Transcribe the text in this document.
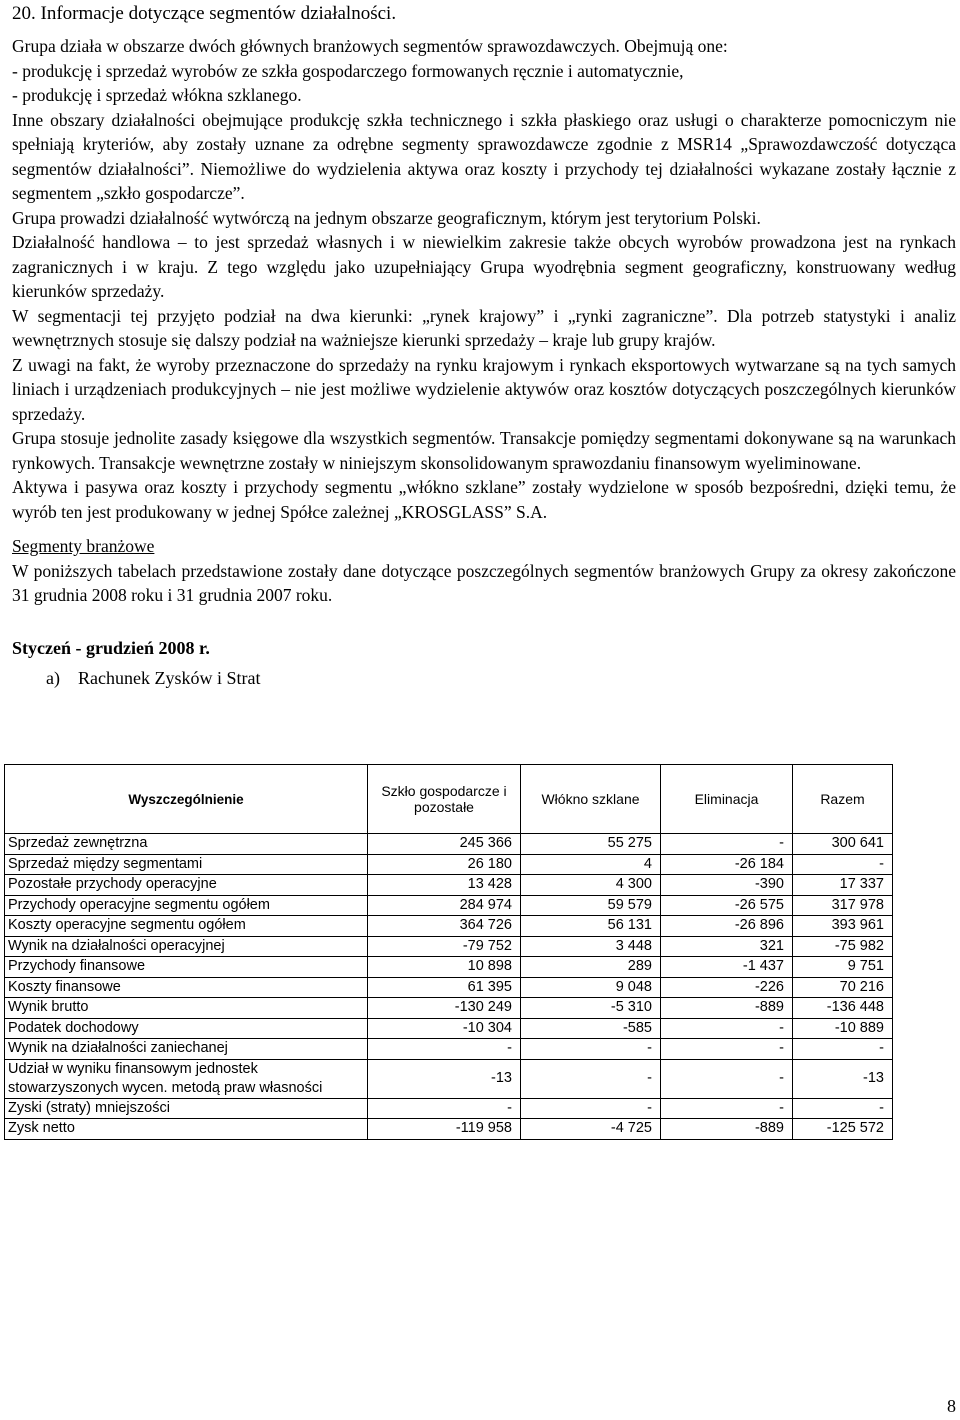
20. Informacje dotyczące segmentów działalności.

Grupa działa w obszarze dwóch głównych branżowych segmentów sprawozdawczych. Obejmują one:

- produkcję i sprzedaż wyrobów ze szkła gospodarczego formowanych ręcznie i automatycznie,

- produkcję i sprzedaż włókna szklanego.

Inne obszary działalności obejmujące produkcję szkła technicznego i szkła płaskiego oraz usługi o charakterze pomocniczym nie spełniają kryteriów, aby zostały uznane za odrębne segmenty sprawozdawcze zgodnie z MSR14 „Sprawozdawczość dotycząca segmentów działalności”. Niemożliwe do wydzielenia aktywa oraz koszty i przychody tej działalności wykazane zostały łącznie z segmentem „szkło gospodarcze”.

Grupa prowadzi działalność wytwórczą na jednym obszarze geograficznym, którym jest terytorium Polski.

Działalność handlowa – to jest sprzedaż własnych i w niewielkim zakresie także obcych wyrobów prowadzona jest na rynkach zagranicznych i w kraju. Z tego względu jako uzupełniający Grupa wyodrębnia segment geograficzny, konstruowany według kierunków sprzedaży.

W segmentacji tej przyjęto podział na dwa kierunki: „rynek krajowy” i „rynki zagraniczne”. Dla potrzeb statystyki i analiz wewnętrznych stosuje się dalszy podział na ważniejsze kierunki sprzedaży – kraje lub grupy krajów.

Z uwagi na fakt, że wyroby przeznaczone do sprzedaży na rynku krajowym i rynkach eksportowych wytwarzane są na tych samych liniach i urządzeniach produkcyjnych – nie jest możliwe wydzielenie aktywów oraz kosztów dotyczących poszczególnych kierunków sprzedaży.

Grupa stosuje jednolite zasady księgowe dla wszystkich segmentów. Transakcje pomiędzy segmentami dokonywane są na warunkach rynkowych. Transakcje wewnętrzne zostały w niniejszym skonsolidowanym sprawozdaniu finansowym wyeliminowane.

Aktywa i pasywa oraz koszty i przychody segmentu „włókno szklane” zostały wydzielone w sposób bezpośredni, dzięki temu, że wyrób ten jest produkowany w jednej Spółce zależnej „KROSGLASS” S.A.

Segmenty branżowe

W poniższych tabelach przedstawione zostały dane dotyczące poszczególnych segmentów branżowych Grupy za okresy zakończone 31 grudnia 2008 roku i 31 grudnia 2007 roku.

Styczeń - grudzień 2008 r.
a)    Rachunek Zysków i Strat
Wyszczególnienie	Szkło gospodarcze i pozostałe	Włókno szklane	Eliminacja	Razem
Sprzedaż zewnętrzna	245 366	55 275	-	300 641
Sprzedaż między segmentami	26 180	4	-26 184	-
Pozostałe przychody operacyjne	13 428	4 300	-390	17 337
Przychody operacyjne segmentu ogółem	284 974	59 579	-26 575	317 978
Koszty operacyjne segmentu ogółem	364 726	56 131	-26 896	393 961
Wynik na działalności operacyjnej	-79 752	3 448	321	-75 982
Przychody finansowe	10 898	289	-1 437	9 751
Koszty finansowe	61 395	9 048	-226	70 216
Wynik brutto	-130 249	-5 310	-889	-136 448
Podatek dochodowy	-10 304	-585	-	-10 889
Wynik na działalności zaniechanej	-	-	-	-
Udział w wyniku finansowym jednostek stowarzyszonych wycen. metodą praw własności	-13	-	-	-13
Zyski (straty) mniejszości	-	-	-	-
Zysk netto	-119 958	-4 725	-889	-125 572
8
